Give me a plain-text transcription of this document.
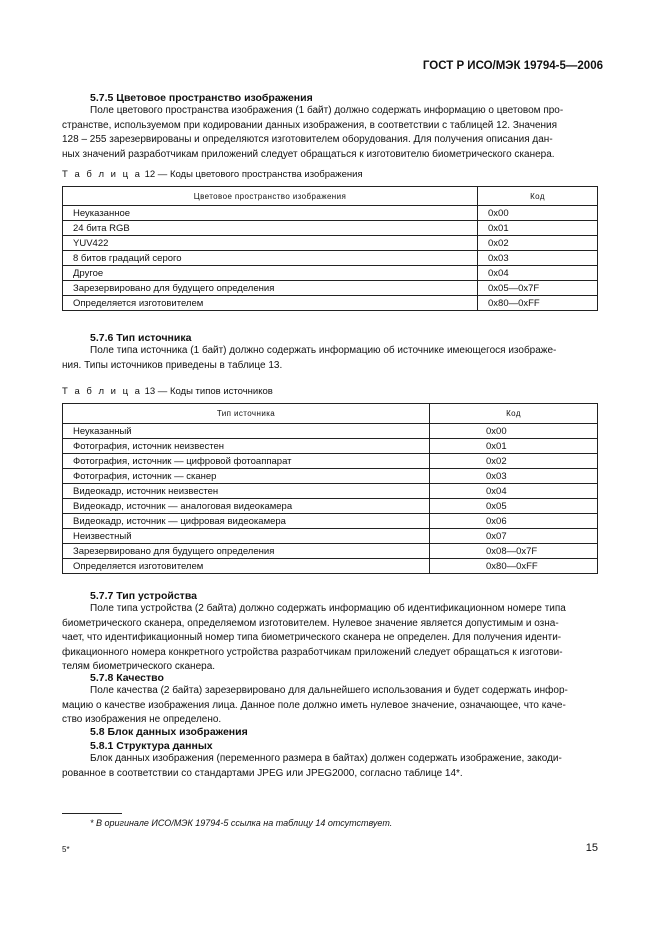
ГОСТ Р ИСО/МЭК 19794-5—2006
5.7.5 Цветовое пространство изображения
Поле цветового пространства изображения (1 байт) должно содержать информацию о цветовом про-
странстве, используемом при кодировании данных изображения, в соответствии с таблицей 12. Значения
128 – 255 зарезервированы и определяются изготовителем оборудования. Для получения описания дан-
ных значений разработчикам приложений следует обращаться к изготовителю биометрического сканера.
Т а б л и ц а 12 — Коды цветового пространства изображения
Цветовое пространство изображения	Код
Неуказанное	0x00
24 бита RGB	0x01
YUV422	0x02
8 битов градаций серого	0x03
Другое	0x04
Зарезервировано для будущего определения	0x05—0x7F
Определяется изготовителем	0x80—0xFF
5.7.6 Тип источника
Поле типа источника (1 байт) должно содержать информацию об источнике имеющегося изображе-
ния. Типы источников приведены в таблице 13.
Т а б л и ц а 13 — Коды типов источников
Тип источника	Код
Неуказанный	0x00
Фотография, источник неизвестен	0x01
Фотография, источник — цифровой фотоаппарат	0x02
Фотография, источник — сканер	0x03
Видеокадр, источник неизвестен	0x04
Видеокадр, источник — аналоговая видеокамера	0x05
Видеокадр, источник — цифровая видеокамера	0x06
Неизвестный	0x07
Зарезервировано для будущего определения	0x08—0x7F
Определяется изготовителем	0x80—0xFF
5.7.7 Тип устройства
Поле типа устройства (2 байта) должно содержать информацию об идентификационном номере типа
биометрического сканера, определяемом изготовителем. Нулевое значение является допустимым и озна-
чает, что идентификационный номер типа биометрического сканера не определен. Для получения иденти-
фикационного номера конкретного устройства разработчикам приложений следует обращаться к изготови-
телям биометрического сканера.
5.7.8 Качество
Поле качества (2 байта) зарезервировано для дальнейшего использования и будет содержать инфор-
мацию о качестве изображения лица. Данное поле должно иметь нулевое значение, означающее, что каче-
ство изображения не определено.
5.8 Блок данных изображения
5.8.1 Структура данных
Блок данных изображения (переменного размера в байтах) должен содержать изображение, закоди-
рованное в соответствии со стандартами JPEG или JPEG2000, согласно таблице 14*.
* В оригинале ИСО/МЭК 19794-5 ссылка на таблицу 14 отсутствует.
5*	15
